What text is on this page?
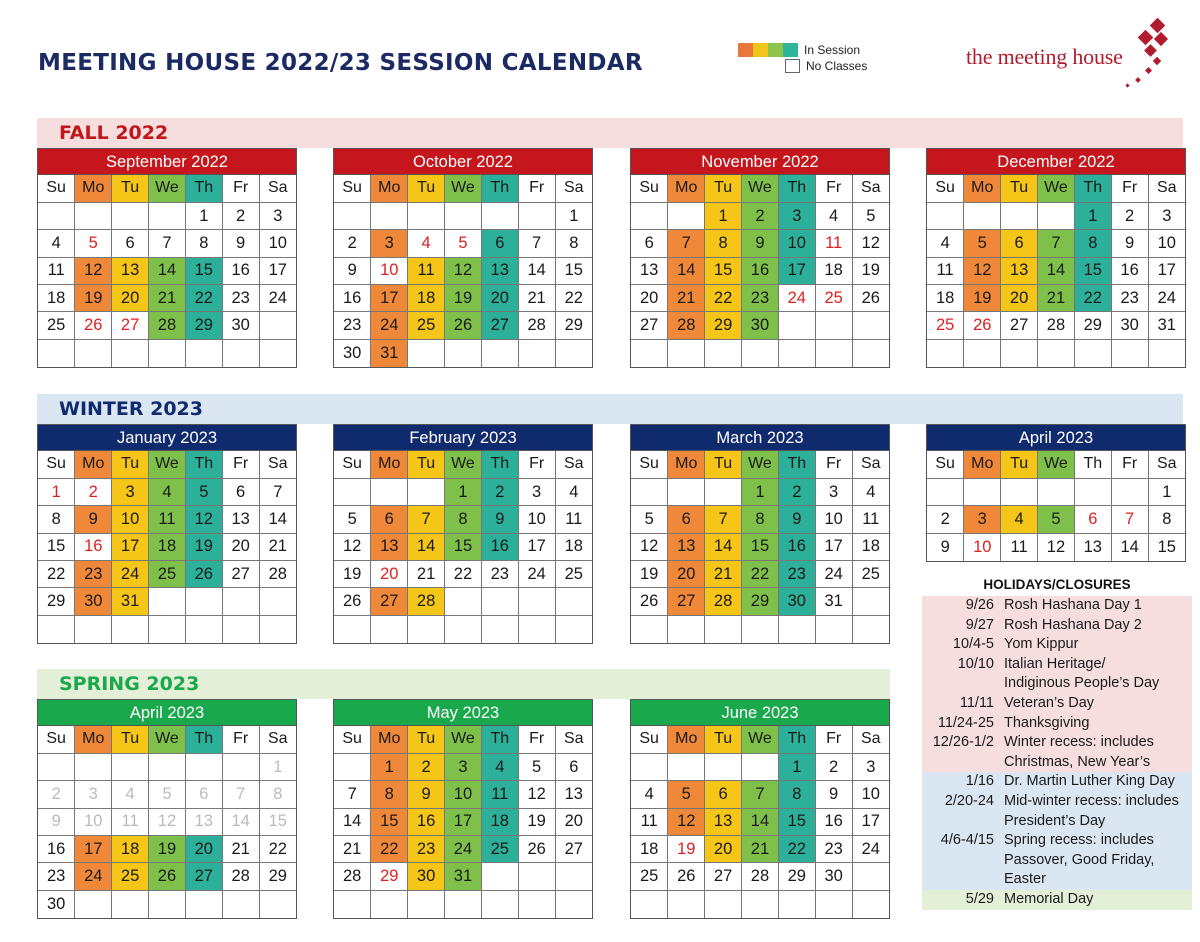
MEETING HOUSE 2022/23 SESSION CALENDAR	In Session
No Classes	the meeting house
FALL 2022
WINTER 2023
SPRING 2023
September 2022
Su	Mo	Tu	We	Th	Fr	Sa
				1	2	3
4	5	6	7	8	9	10
11	12	13	14	15	16	17
18	19	20	21	22	23	24
25	26	27	28	29	30	

October 2022
Su	Mo	Tu	We	Th	Fr	Sa
						1
2	3	4	5	6	7	8
9	10	11	12	13	14	15
16	17	18	19	20	21	22
23	24	25	26	27	28	29
30	31					
November 2022
Su	Mo	Tu	We	Th	Fr	Sa
		1	2	3	4	5
6	7	8	9	10	11	12
13	14	15	16	17	18	19
20	21	22	23	24	25	26
27	28	29	30			

December 2022
Su	Mo	Tu	We	Th	Fr	Sa
				1	2	3
4	5	6	7	8	9	10
11	12	13	14	15	16	17
18	19	20	21	22	23	24
25	26	27	28	29	30	31

January 2023
Su	Mo	Tu	We	Th	Fr	Sa
1	2	3	4	5	6	7
8	9	10	11	12	13	14
15	16	17	18	19	20	21
22	23	24	25	26	27	28
29	30	31				

February 2023
Su	Mo	Tu	We	Th	Fr	Sa
			1	2	3	4
5	6	7	8	9	10	11
12	13	14	15	16	17	18
19	20	21	22	23	24	25
26	27	28				

March 2023
Su	Mo	Tu	We	Th	Fr	Sa
			1	2	3	4
5	6	7	8	9	10	11
12	13	14	15	16	17	18
19	20	21	22	23	24	25
26	27	28	29	30	31	

April 2023
Su	Mo	Tu	We	Th	Fr	Sa
						1
2	3	4	5	6	7	8
9	10	11	12	13	14	15
April 2023
Su	Mo	Tu	We	Th	Fr	Sa
						1
2	3	4	5	6	7	8
9	10	11	12	13	14	15
16	17	18	19	20	21	22
23	24	25	26	27	28	29
30						
May 2023
Su	Mo	Tu	We	Th	Fr	Sa
	1	2	3	4	5	6
7	8	9	10	11	12	13
14	15	16	17	18	19	20
21	22	23	24	25	26	27
28	29	30	31			

June 2023
Su	Mo	Tu	We	Th	Fr	Sa
				1	2	3
4	5	6	7	8	9	10
11	12	13	14	15	16	17
18	19	20	21	22	23	24
25	26	27	28	29	30	

HOLIDAYS/CLOSURES
9/26 Rosh Hashana Day 1
9/27 Rosh Hashana Day 2
10/4-5 Yom Kippur
10/10 Italian Heritage/
Indiginous People’s Day
11/11 Veteran’s Day
11/24-25 Thanksgiving
12/26-1/2 Winter recess: includes
Christmas, New Year’s
1/16 Dr. Martin Luther King Day
2/20-24 Mid-winter recess: includes
President’s Day
4/6-4/15 Spring recess: includes
Passover, Good Friday,
Easter
5/29 Memorial Day
